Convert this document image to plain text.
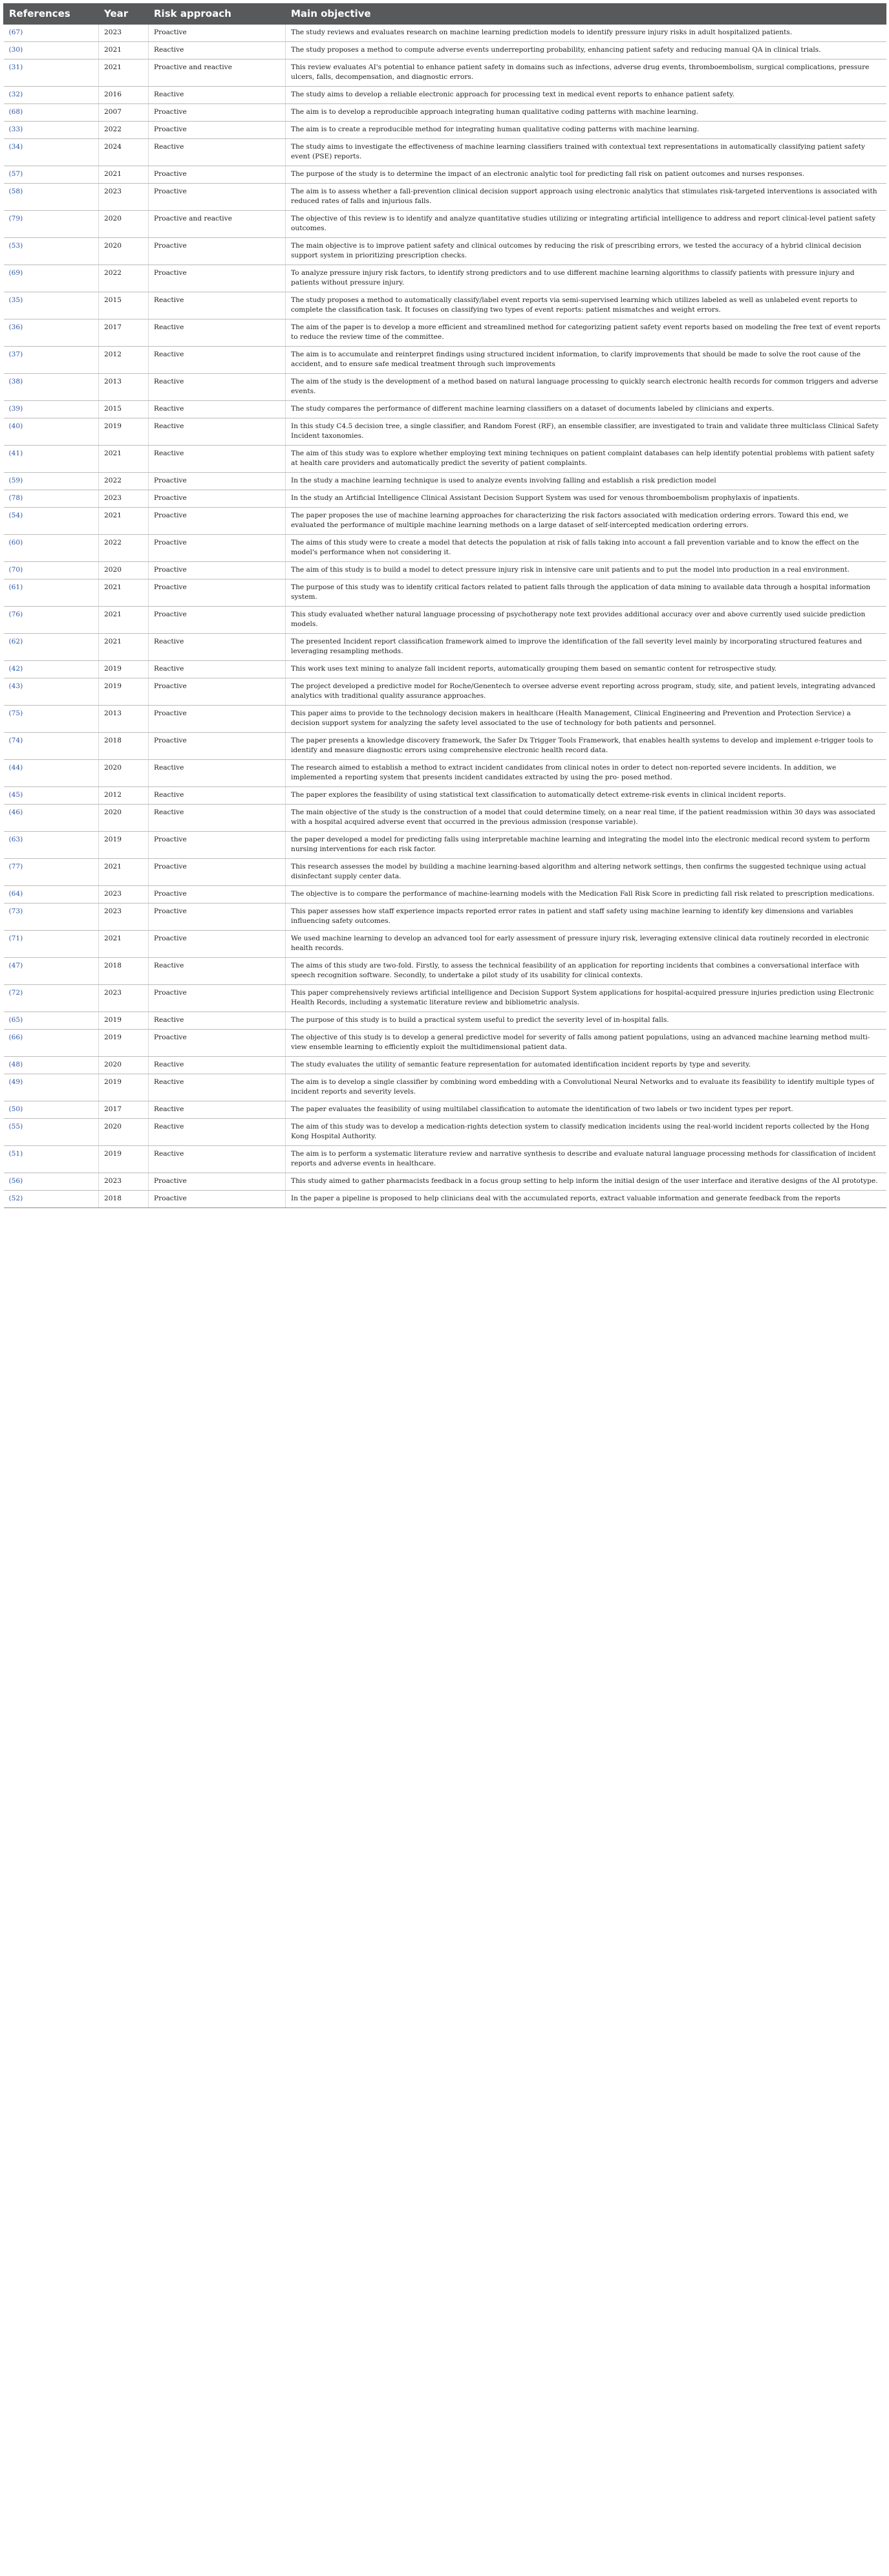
References	Year	Risk approach	Main objective
(67)	2023	Proactive	The study reviews and evaluates research on machine learning prediction models to identify pressure injury risks in adult hospitalized patients.
(30)	2021	Reactive	The study proposes a method to compute adverse events underreporting probability, enhancing patient safety and reducing manual QA in clinical trials.
(31)	2021	Proactive and reactive	This review evaluates AI's potential to enhance patient safety in domains such as infections, adverse drug events, thromboembolism, surgical complications, pressure ulcers, falls, decompensation, and diagnostic errors.
(32)	2016	Reactive	The study aims to develop a reliable electronic approach for processing text in medical event reports to enhance patient safety.
(68)	2007	Proactive	The aim is to develop a reproducible approach integrating human qualitative coding patterns with machine learning.
(33)	2022	Proactive	The aim is to create a reproducible method for integrating human qualitative coding patterns with machine learning.
(34)	2024	Reactive	The study aims to investigate the effectiveness of machine learning classifiers trained with contextual text representations in automatically classifying patient safety event (PSE) reports.
(57)	2021	Proactive	The purpose of the study is to determine the impact of an electronic analytic tool for predicting fall risk on patient outcomes and nurses responses.
(58)	2023	Proactive	The aim is to assess whether a fall-prevention clinical decision support approach using electronic analytics that stimulates risk-targeted interventions is associated with reduced rates of falls and injurious falls.
(79)	2020	Proactive and reactive	The objective of this review is to identify and analyze quantitative studies utilizing or integrating artificial intelligence to address and report clinical-level patient safety outcomes.
(53)	2020	Proactive	The main objective is to improve patient safety and clinical outcomes by reducing the risk of prescribing errors, we tested the accuracy of a hybrid clinical decision support system in prioritizing prescription checks.
(69)	2022	Proactive	To analyze pressure injury risk factors, to identify strong predictors and to use different machine learning algorithms to classify patients with pressure injury and patients without pressure injury.
(35)	2015	Reactive	The study proposes a method to automatically classify/label event reports via semi-supervised learning which utilizes labeled as well as unlabeled event reports to complete the classification task. It focuses on classifying two types of event reports: patient mismatches and weight errors.
(36)	2017	Reactive	The aim of the paper is to develop a more efficient and streamlined method for categorizing patient safety event reports based on modeling the free text of event reports to reduce the review time of the committee.
(37)	2012	Reactive	The aim is to accumulate and reinterpret findings using structured incident information, to clarify improvements that should be made to solve the root cause of the accident, and to ensure safe medical treatment through such improvements
(38)	2013	Reactive	The aim of the study is the development of a method based on natural language processing to quickly search electronic health records for common triggers and adverse events.
(39)	2015	Reactive	The study compares the performance of different machine learning classifiers on a dataset of documents labeled by clinicians and experts.
(40)	2019	Reactive	In this study C4.5 decision tree, a single classifier, and Random Forest (RF), an ensemble classifier, are investigated to train and validate three multiclass Clinical Safety Incident taxonomies.
(41)	2021	Reactive	The aim of this study was to explore whether employing text mining techniques on patient complaint databases can help identify potential problems with patient safety at health care providers and automatically predict the severity of patient complaints.
(59)	2022	Proactive	In the study a machine learning technique is used to analyze events involving falling and establish a risk prediction model
(78)	2023	Proactive	In the study an Artificial Intelligence Clinical Assistant Decision Support System was used for venous thromboembolism prophylaxis of inpatients.
(54)	2021	Proactive	The paper proposes the use of machine learning approaches for characterizing the risk factors associated with medication ordering errors. Toward this end, we evaluated the performance of multiple machine learning methods on a large dataset of self-intercepted medication ordering errors.
(60)	2022	Proactive	The aims of this study were to create a model that detects the population at risk of falls taking into account a fall prevention variable and to know the effect on the model's performance when not considering it.
(70)	2020	Proactive	The aim of this study is to build a model to detect pressure injury risk in intensive care unit patients and to put the model into production in a real environment.
(61)	2021	Proactive	The purpose of this study was to identify critical factors related to patient falls through the application of data mining to available data through a hospital information system.
(76)	2021	Proactive	This study evaluated whether natural language processing of psychotherapy note text provides additional accuracy over and above currently used suicide prediction models.
(62)	2021	Reactive	The presented Incident report classification framework aimed to improve the identification of the fall severity level mainly by incorporating structured features and leveraging resampling methods.
(42)	2019	Reactive	This work uses text mining to analyze fall incident reports, automatically grouping them based on semantic content for retrospective study.
(43)	2019	Proactive	The project developed a predictive model for Roche/Genentech to oversee adverse event reporting across program, study, site, and patient levels, integrating advanced analytics with traditional quality assurance approaches.
(75)	2013	Proactive	This paper aims to provide to the technology decision makers in healthcare (Health Management, Clinical Engineering and Prevention and Protection Service) a decision support system for analyzing the safety level associated to the use of technology for both patients and personnel.
(74)	2018	Proactive	The paper presents a knowledge discovery framework, the Safer Dx Trigger Tools Framework, that enables health systems to develop and implement e-trigger tools to identify and measure diagnostic errors using comprehensive electronic health record data.
(44)	2020	Reactive	The research aimed to establish a method to extract incident candidates from clinical notes in order to detect non-reported severe incidents. In addition, we implemented a reporting system that presents incident candidates extracted by using the pro- posed method.
(45)	2012	Reactive	The paper explores the feasibility of using statistical text classification to automatically detect extreme-risk events in clinical incident reports.
(46)	2020	Reactive	The main objective of the study is the construction of a model that could determine timely, on a near real time, if the patient readmission within 30 days was associated with a hospital acquired adverse event that occurred in the previous admission (response variable).
(63)	2019	Proactive	the paper developed a model for predicting falls using interpretable machine learning and integrating the model into the electronic medical record system to perform nursing interventions for each risk factor.
(77)	2021	Proactive	This research assesses the model by building a machine learning-based algorithm and altering network settings, then confirms the suggested technique using actual disinfectant supply center data.
(64)	2023	Proactive	The objective is to compare the performance of machine-learning models with the Medication Fall Risk Score in predicting fall risk related to prescription medications.
(73)	2023	Proactive	This paper assesses how staff experience impacts reported error rates in patient and staff safety using machine learning to identify key dimensions and variables influencing safety outcomes.
(71)	2021	Proactive	We used machine learning to develop an advanced tool for early assessment of pressure injury risk, leveraging extensive clinical data routinely recorded in electronic health records.
(47)	2018	Reactive	The aims of this study are two-fold. Firstly, to assess the technical feasibility of an application for reporting incidents that combines a conversational interface with speech recognition software. Secondly, to undertake a pilot study of its usability for clinical contexts.
(72)	2023	Proactive	This paper comprehensively reviews artificial intelligence and Decision Support System applications for hospital-acquired pressure injuries prediction using Electronic Health Records, including a systematic literature review and bibliometric analysis.
(65)	2019	Reactive	The purpose of this study is to build a practical system useful to predict the severity level of in-hospital falls.
(66)	2019	Proactive	The objective of this study is to develop a general predictive model for severity of falls among patient populations, using an advanced machine learning method multi-view ensemble learning to efficiently exploit the multidimensional patient data.
(48)	2020	Reactive	The study evaluates the utility of semantic feature representation for automated identification incident reports by type and severity.
(49)	2019	Reactive	The aim is to develop a single classifier by combining word embedding with a Convolutional Neural Networks and to evaluate its feasibility to identify multiple types of incident reports and severity levels.
(50)	2017	Reactive	The paper evaluates the feasibility of using multilabel classification to automate the identification of two labels or two incident types per report.
(55)	2020	Reactive	The aim of this study was to develop a medication-rights detection system to classify medication incidents using the real-world incident reports collected by the Hong Kong Hospital Authority.
(51)	2019	Reactive	The aim is to perform a systematic literature review and narrative synthesis to describe and evaluate natural language processing methods for classification of incident reports and adverse events in healthcare.
(56)	2023	Proactive	This study aimed to gather pharmacists feedback in a focus group setting to help inform the initial design of the user interface and iterative designs of the AI prototype.
(52)	2018	Proactive	In the paper a pipeline is proposed to help clinicians deal with the accumulated reports, extract valuable information and generate feedback from the reports
